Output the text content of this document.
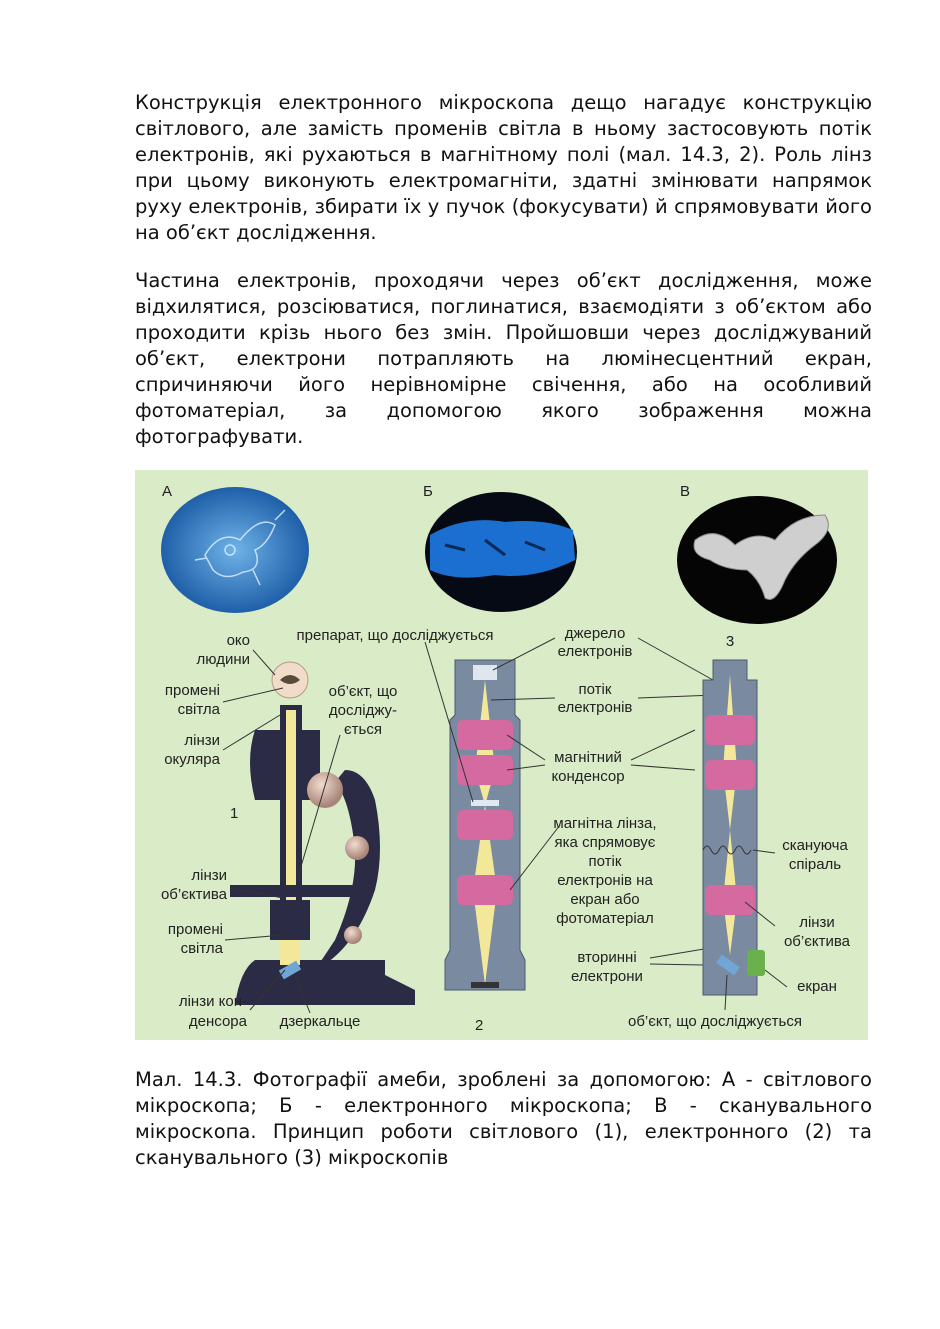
Конструкція електронного мікроскопа дещо нагадує конструкцію світлового, але замість променів світла в ньому застосовують потік електронів, які рухаються в магнітному полі (мал. 14.3, 2). Роль лінз при цьому виконують електромагніти, здатні змінювати напрямок руху електронів, збирати їх у пучок (фокусувати) й спрямовувати його на об’єкт дослідження.

Частина електронів, проходячи через об’єкт дослідження, може відхилятися, розсіюватися, поглинатися, взаємодіяти з об’єктом або проходити крізь нього без змін. Пройшовши через досліджуваний об’єкт, електрони потрапляють на люмінесцентний екран, спричиняючи його нерівномірне свічення, або на особливий фотоматеріал, за допомогою якого зображення можна фотографувати.

А	Б	В
1
око
людини
промені
світла
лінзи
окуляра
лінзи
об’єктива
промені
світла
лінзи кон-
денсора
об’єкт, що
досліджу-
ється
препарат, що досліджується
дзеркальце	2
джерело
електронів
потік
електронів
магнітний
конденсор
магнітна лінза,
яка спрямовує
потік
електронів на
екран або
фотоматеріал
вторинні
електрони
3
скануюча
спіраль
лінзи
об’єктива
екран
об’єкт, що досліджується

Мал. 14.3. Фотографії амеби, зроблені за допомогою: А - світлового мікроскопа; Б - електронного мікроскопа; В - сканувального мікроскопа. Принцип роботи світлового (1), електронного (2) та сканувального (3) мікроскопів
